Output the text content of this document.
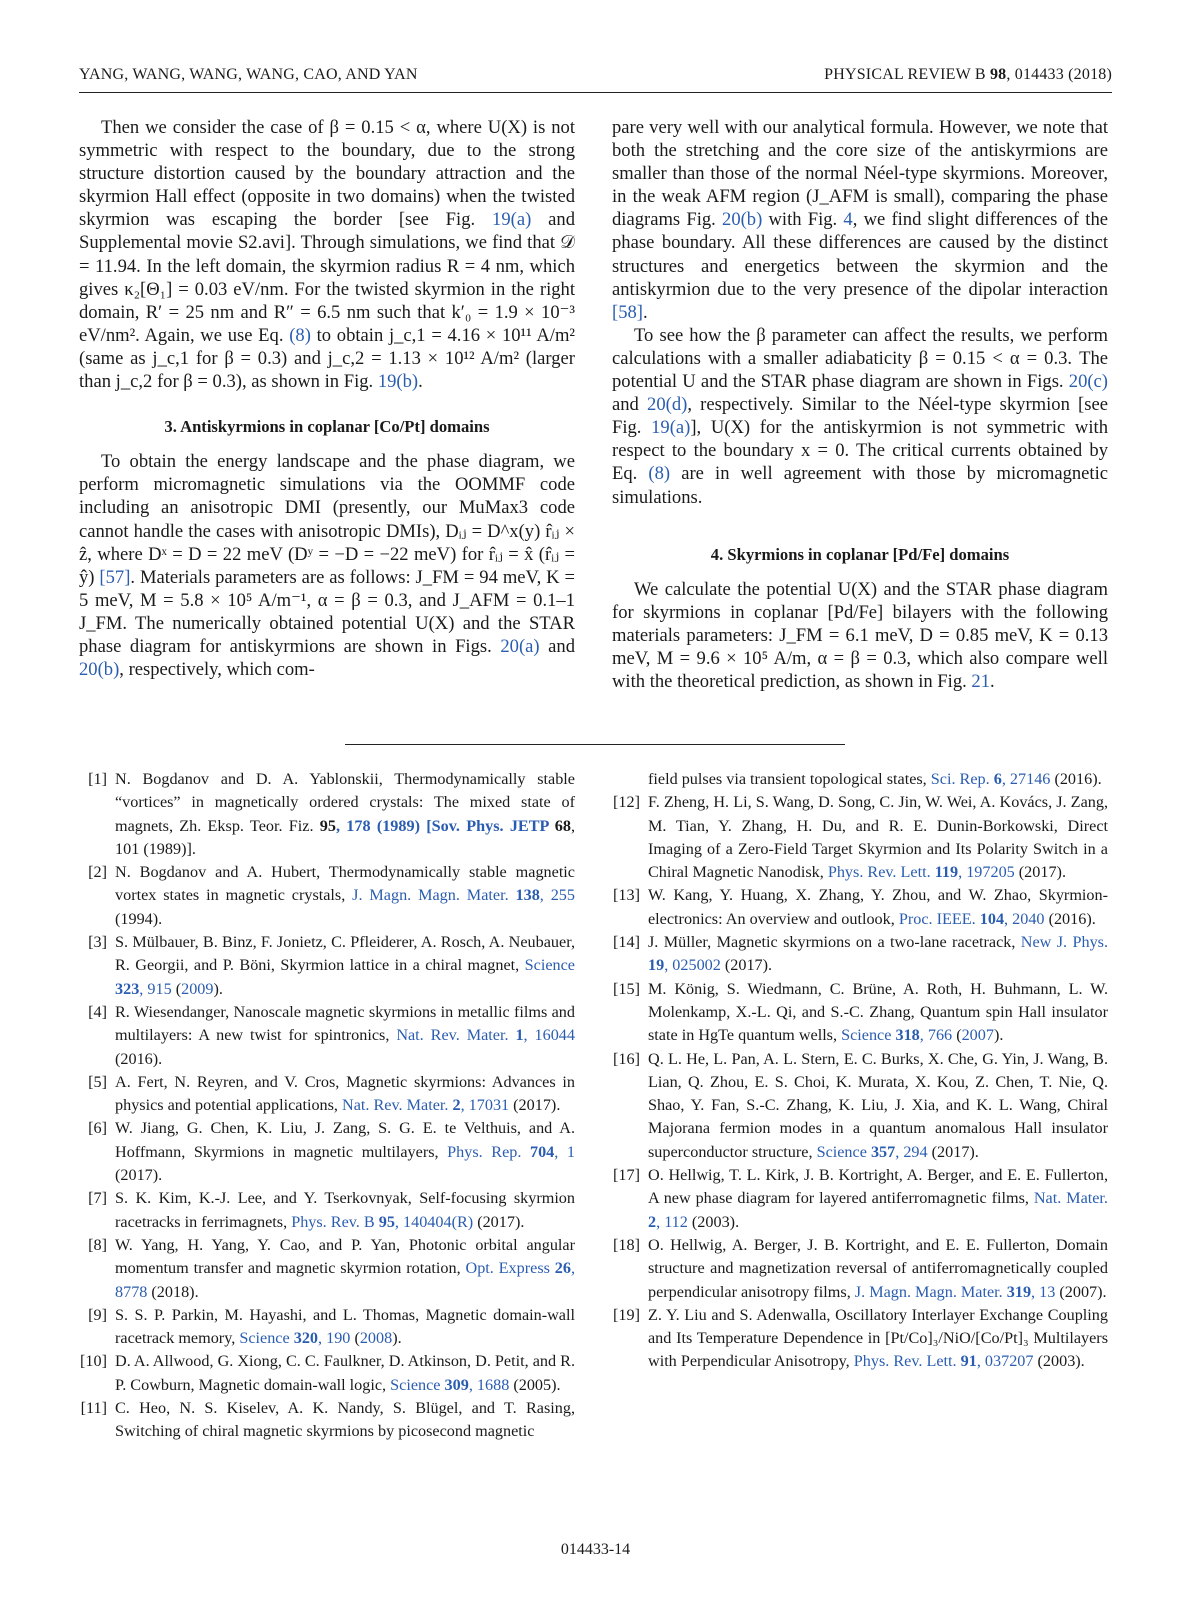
YANG, WANG, WANG, WANG, CAO, AND YAN	PHYSICAL REVIEW B 98, 014433 (2018)

Then we consider the case of β = 0.15 < α, where U(X) is not symmetric with respect to the boundary, due to the strong structure distortion caused by the boundary attraction and the skyrmion Hall effect (opposite in two domains) when the twisted skyrmion was escaping the border [see Fig. 19(a) and Supplemental movie S2.avi]. Through simulations, we find that 𝒟 = 11.94. In the left domain, the skyrmion radius R = 4 nm, which gives κ₂[Θ₁] = 0.03 eV/nm. For the twisted skyrmion in the right domain, R′ = 25 nm and R″ = 6.5 nm such that k′₀ = 1.9 × 10⁻³ eV/nm². Again, we use Eq. (8) to obtain j_c,1 = 4.16 × 10¹¹ A/m² (same as j_c,1 for β = 0.3) and j_c,2 = 1.13 × 10¹² A/m² (larger than j_c,2 for β = 0.3), as shown in Fig. 19(b).

3. Antiskyrmions in coplanar [Co/Pt] domains

To obtain the energy landscape and the phase diagram, we perform micromagnetic simulations via the OOMMF code including an anisotropic DMI (presently, our MuMax3 code cannot handle the cases with anisotropic DMIs), Dᵢⱼ = D^x(y) r̂ᵢⱼ × ẑ, where Dˣ = D = 22 meV (Dʸ = −D = −22 meV) for r̂ᵢⱼ = x̂ (r̂ᵢⱼ = ŷ) [57]. Materials parameters are as follows: J_FM = 94 meV, K = 5 meV, M = 5.8 × 10⁵ A/m⁻¹, α = β = 0.3, and J_AFM = 0.1–1 J_FM. The numerically obtained potential U(X) and the STAR phase diagram for antiskyrmions are shown in Figs. 20(a) and 20(b), respectively, which com-

pare very well with our analytical formula. However, we note that both the stretching and the core size of the antiskyrmions are smaller than those of the normal Néel-type skyrmions. Moreover, in the weak AFM region (J_AFM is small), comparing the phase diagrams Fig. 20(b) with Fig. 4, we find slight differences of the phase boundary. All these differences are caused by the distinct structures and energetics between the skyrmion and the antiskyrmion due to the very presence of the dipolar interaction [58].

To see how the β parameter can affect the results, we perform calculations with a smaller adiabaticity β = 0.15 < α = 0.3. The potential U and the STAR phase diagram are shown in Figs. 20(c) and 20(d), respectively. Similar to the Néel-type skyrmion [see Fig. 19(a)], U(X) for the antiskyrmion is not symmetric with respect to the boundary x = 0. The critical currents obtained by Eq. (8) are in well agreement with those by micromagnetic simulations.

4. Skyrmions in coplanar [Pd/Fe] domains

We calculate the potential U(X) and the STAR phase diagram for skyrmions in coplanar [Pd/Fe] bilayers with the following materials parameters: J_FM = 6.1 meV, D = 0.85 meV, K = 0.13 meV, M = 9.6 × 10⁵ A/m, α = β = 0.3, which also compare well with the theoretical prediction, as shown in Fig. 21.

[1] N. Bogdanov and D. A. Yablonskii, Thermodynamically stable “vortices” in magnetically ordered crystals: The mixed state of magnets, Zh. Eksp. Teor. Fiz. 95, 178 (1989) [Sov. Phys. JETP 68, 101 (1989)].
[2] N. Bogdanov and A. Hubert, Thermodynamically stable magnetic vortex states in magnetic crystals, J. Magn. Magn. Mater. 138, 255 (1994).
[3] S. Mülbauer, B. Binz, F. Jonietz, C. Pfleiderer, A. Rosch, A. Neubauer, R. Georgii, and P. Böni, Skyrmion lattice in a chiral magnet, Science 323, 915 (2009).
[4] R. Wiesendanger, Nanoscale magnetic skyrmions in metallic films and multilayers: A new twist for spintronics, Nat. Rev. Mater. 1, 16044 (2016).
[5] A. Fert, N. Reyren, and V. Cros, Magnetic skyrmions: Advances in physics and potential applications, Nat. Rev. Mater. 2, 17031 (2017).
[6] W. Jiang, G. Chen, K. Liu, J. Zang, S. G. E. te Velthuis, and A. Hoffmann, Skyrmions in magnetic multilayers, Phys. Rep. 704, 1 (2017).
[7] S. K. Kim, K.-J. Lee, and Y. Tserkovnyak, Self-focusing skyrmion racetracks in ferrimagnets, Phys. Rev. B 95, 140404(R) (2017).
[8] W. Yang, H. Yang, Y. Cao, and P. Yan, Photonic orbital angular momentum transfer and magnetic skyrmion rotation, Opt. Express 26, 8778 (2018).
[9] S. S. P. Parkin, M. Hayashi, and L. Thomas, Magnetic domain-wall racetrack memory, Science 320, 190 (2008).
[10] D. A. Allwood, G. Xiong, C. C. Faulkner, D. Atkinson, D. Petit, and R. P. Cowburn, Magnetic domain-wall logic, Science 309, 1688 (2005).
[11] C. Heo, N. S. Kiselev, A. K. Nandy, S. Blügel, and T. Rasing, Switching of chiral magnetic skyrmions by picosecond magnetic
field pulses via transient topological states, Sci. Rep. 6, 27146 (2016).
[12] F. Zheng, H. Li, S. Wang, D. Song, C. Jin, W. Wei, A. Kovács, J. Zang, M. Tian, Y. Zhang, H. Du, and R. E. Dunin-Borkowski, Direct Imaging of a Zero-Field Target Skyrmion and Its Polarity Switch in a Chiral Magnetic Nanodisk, Phys. Rev. Lett. 119, 197205 (2017).
[13] W. Kang, Y. Huang, X. Zhang, Y. Zhou, and W. Zhao, Skyrmion-electronics: An overview and outlook, Proc. IEEE. 104, 2040 (2016).
[14] J. Müller, Magnetic skyrmions on a two-lane racetrack, New J. Phys. 19, 025002 (2017).
[15] M. König, S. Wiedmann, C. Brüne, A. Roth, H. Buhmann, L. W. Molenkamp, X.-L. Qi, and S.-C. Zhang, Quantum spin Hall insulator state in HgTe quantum wells, Science 318, 766 (2007).
[16] Q. L. He, L. Pan, A. L. Stern, E. C. Burks, X. Che, G. Yin, J. Wang, B. Lian, Q. Zhou, E. S. Choi, K. Murata, X. Kou, Z. Chen, T. Nie, Q. Shao, Y. Fan, S.-C. Zhang, K. Liu, J. Xia, and K. L. Wang, Chiral Majorana fermion modes in a quantum anomalous Hall insulator superconductor structure, Science 357, 294 (2017).
[17] O. Hellwig, T. L. Kirk, J. B. Kortright, A. Berger, and E. E. Fullerton, A new phase diagram for layered antiferromagnetic films, Nat. Mater. 2, 112 (2003).
[18] O. Hellwig, A. Berger, J. B. Kortright, and E. E. Fullerton, Domain structure and magnetization reversal of antiferromagnetically coupled perpendicular anisotropy films, J. Magn. Magn. Mater. 319, 13 (2007).
[19] Z. Y. Liu and S. Adenwalla, Oscillatory Interlayer Exchange Coupling and Its Temperature Dependence in [Pt/Co]₃/NiO/[Co/Pt]₃ Multilayers with Perpendicular Anisotropy, Phys. Rev. Lett. 91, 037207 (2003).
014433-14
